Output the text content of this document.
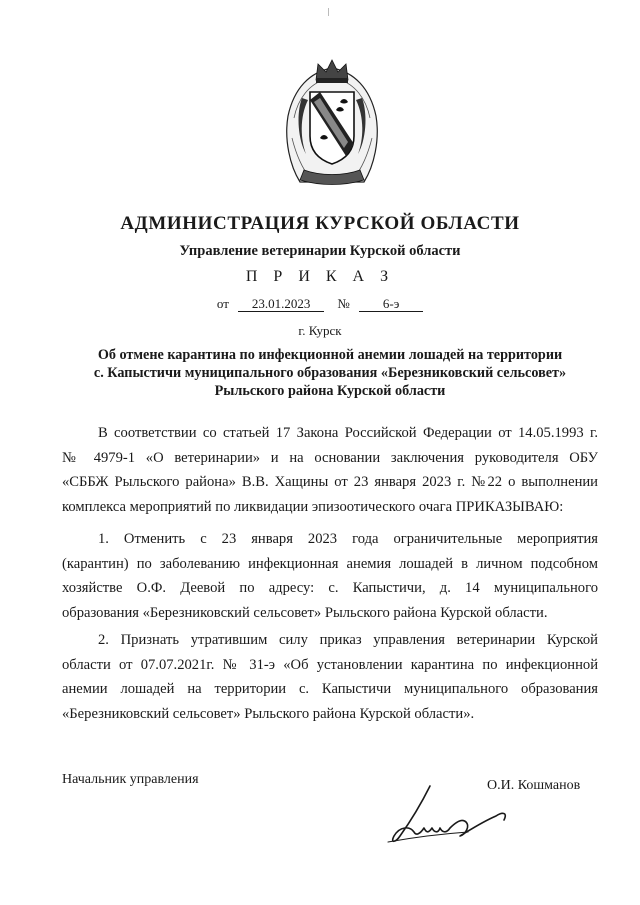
АДМИНИСТРАЦИЯ КУРСКОЙ ОБЛАСТИ
Управление ветеринарии Курской области
П Р И К А З
от 23.01.2023 №	6-э
г. Курск
Об отмене карантина по инфекционной анемии лошадей на территории
с. Капыстичи муниципального образования «Березниковский сельсовет»
Рыльского района Курской области
В соответствии со статьей 17 Закона Российской Федерации от 14.05.1993 г.
№ 4979-1 «О ветеринарии» и на основании заключения руководителя ОБУ
«СББЖ Рыльского района» В.В. Хащины от 23 января 2023 г. №22 о выполнении
комплекса мероприятий по ликвидации эпизоотического очага ПРИКАЗЫВАЮ:
1. Отменить с 23 января 2023 года ограничительные мероприятия
(карантин) по заболеванию инфекционная анемия лошадей в личном подсобном
хозяйстве О.Ф. Деевой по адресу: с. Капыстичи, д. 14 муниципального
образования «Березниковский сельсовет» Рыльского района Курской области.
2. Признать утратившим силу приказ управления ветеринарии Курской
области от 07.07.2021г. № 31-э «Об установлении карантина по инфекционной
анемии лошадей на территории с. Капыстичи муниципального образования
«Березниковский сельсовет» Рыльского района Курской области».
Начальник управления	О.И. Кошманов
